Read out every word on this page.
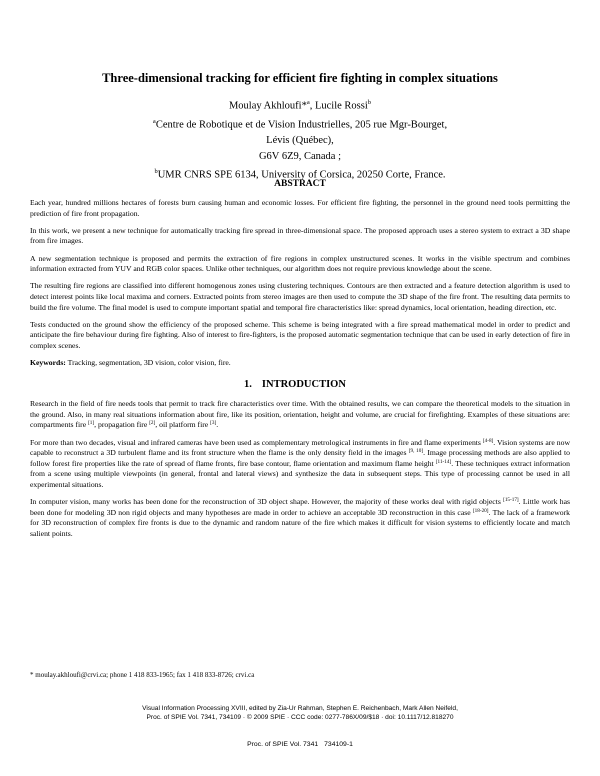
Three-dimensional tracking for efficient fire fighting in complex situations
Moulay Akhloufi*$^a$, Lucile Rossi$^b$
$^a$Centre de Robotique et de Vision Industrielles, 205 rue Mgr-Bourget, Lévis (Québec),
G6V 6Z9, Canada ;
$^b$UMR CNRS SPE 6134, University of Corsica, 20250 Corte, France.
ABSTRACT

Each year, hundred millions hectares of forests burn causing human and economic losses. For efficient fire fighting, the personnel in the ground need tools permitting the prediction of fire front propagation.

In this work, we present a new technique for automatically tracking fire spread in three-dimensional space. The proposed approach uses a stereo system to extract a 3D shape from fire images.

A new segmentation technique is proposed and permits the extraction of fire regions in complex unstructured scenes. It works in the visible spectrum and combines information extracted from YUV and RGB color spaces. Unlike other techniques, our algorithm does not require previous knowledge about the scene.

The resulting fire regions are classified into different homogenous zones using clustering techniques. Contours are then extracted and a feature detection algorithm is used to detect interest points like local maxima and corners. Extracted points from stereo images are then used to compute the 3D shape of the fire front. The resulting data permits to build the fire volume. The final model is used to compute important spatial and temporal fire characteristics like: spread dynamics, local orientation, heading direction, etc.

Tests conducted on the ground show the efficiency of the proposed scheme. This scheme is being integrated with a fire spread mathematical model in order to predict and anticipate the fire behaviour during fire fighting. Also of interest to fire-fighters, is the proposed automatic segmentation technique that can be used in early detection of fire in complex scenes.

Keywords: Tracking, segmentation, 3D vision, color vision, fire.

1. INTRODUCTION

Research in the field of fire needs tools that permit to track fire characteristics over time. With the obtained results, we can compare the theoretical models to the situation in the ground. Also, in many real situations information about fire, like its position, orientation, height and volume, are crucial for firefighting. Examples of these situations are: compartments fire [1], propagation fire [2], oil platform fire [3].

For more than two decades, visual and infrared cameras have been used as complementary metrological instruments in fire and flame experiments [4-8]. Vision systems are now capable to reconstruct a 3D turbulent flame and its front structure when the flame is the only density field in the images [9, 10]. Image processing methods are also applied to follow forest fire properties like the rate of spread of flame fronts, fire base contour, flame orientation and maximum flame height [11-14]. These techniques extract information from a scene using multiple viewpoints (in general, frontal and lateral views) and synthesize the data in subsequent steps. This type of processing cannot be used in all experimental situations.

In computer vision, many works has been done for the reconstruction of 3D object shape. However, the majority of these works deal with rigid objects [15-17]. Little work has been done for modeling 3D non rigid objects and many hypotheses are made in order to achieve an acceptable 3D reconstruction in this case [18-20]. The lack of a framework for 3D reconstruction of complex fire fronts is due to the dynamic and random nature of the fire which makes it difficult for vision systems to efficiently locate and match salient points.

* moulay.akhloufi@crvi.ca; phone 1 418 833-1965; fax 1 418 833-8726; crvi.ca
Visual Information Processing XVIII, edited by Zia-Ur Rahman, Stephen E. Reichenbach, Mark Allen Neifeld,
Proc. of SPIE Vol. 7341, 734109 · © 2009 SPIE · CCC code: 0277-786X/09/$18 · doi: 10.1117/12.818270
Proc. of SPIE Vol. 7341 734109-1
